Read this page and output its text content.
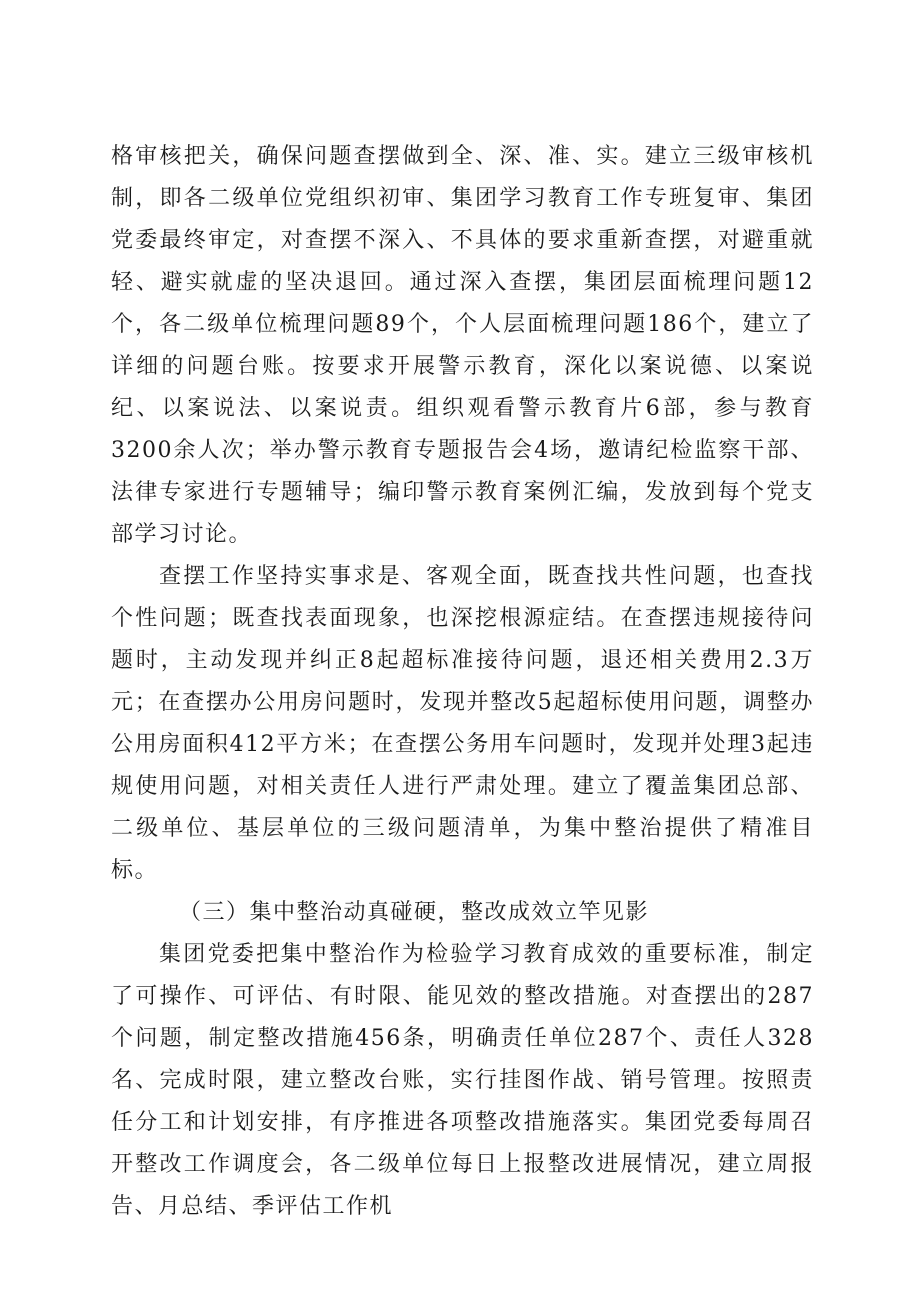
格审核把关，确保问题查摆做到全、深、准、实。建立三级审核机制，即各二级单位党组织初审、集团学习教育工作专班复审、集团党委最终审定，对查摆不深入、不具体的要求重新查摆，对避重就轻、避实就虚的坚决退回。通过深入查摆，集团层面梳理问题12个，各二级单位梳理问题89个，个人层面梳理问题186个，建立了详细的问题台账。按要求开展警示教育，深化以案说德、以案说纪、以案说法、以案说责。组织观看警示教育片6部，参与教育3200余人次；举办警示教育专题报告会4场，邀请纪检监察干部、法律专家进行专题辅导；编印警示教育案例汇编，发放到每个党支部学习讨论。

查摆工作坚持实事求是、客观全面，既查找共性问题，也查找个性问题；既查找表面现象，也深挖根源症结。在查摆违规接待问题时，主动发现并纠正8起超标准接待问题，退还相关费用2.3万元；在查摆办公用房问题时，发现并整改5起超标使用问题，调整办公用房面积412平方米；在查摆公务用车问题时，发现并处理3起违规使用问题，对相关责任人进行严肃处理。建立了覆盖集团总部、二级单位、基层单位的三级问题清单，为集中整治提供了精准目标。

（三）集中整治动真碰硬，整改成效立竿见影

集团党委把集中整治作为检验学习教育成效的重要标准，制定了可操作、可评估、有时限、能见效的整改措施。对查摆出的287个问题，制定整改措施456条，明确责任单位287个、责任人328名、完成时限，建立整改台账，实行挂图作战、销号管理。按照责任分工和计划安排，有序推进各项整改措施落实。集团党委每周召开整改工作调度会，各二级单位每日上报整改进展情况，建立周报告、月总结、季评估工作机
